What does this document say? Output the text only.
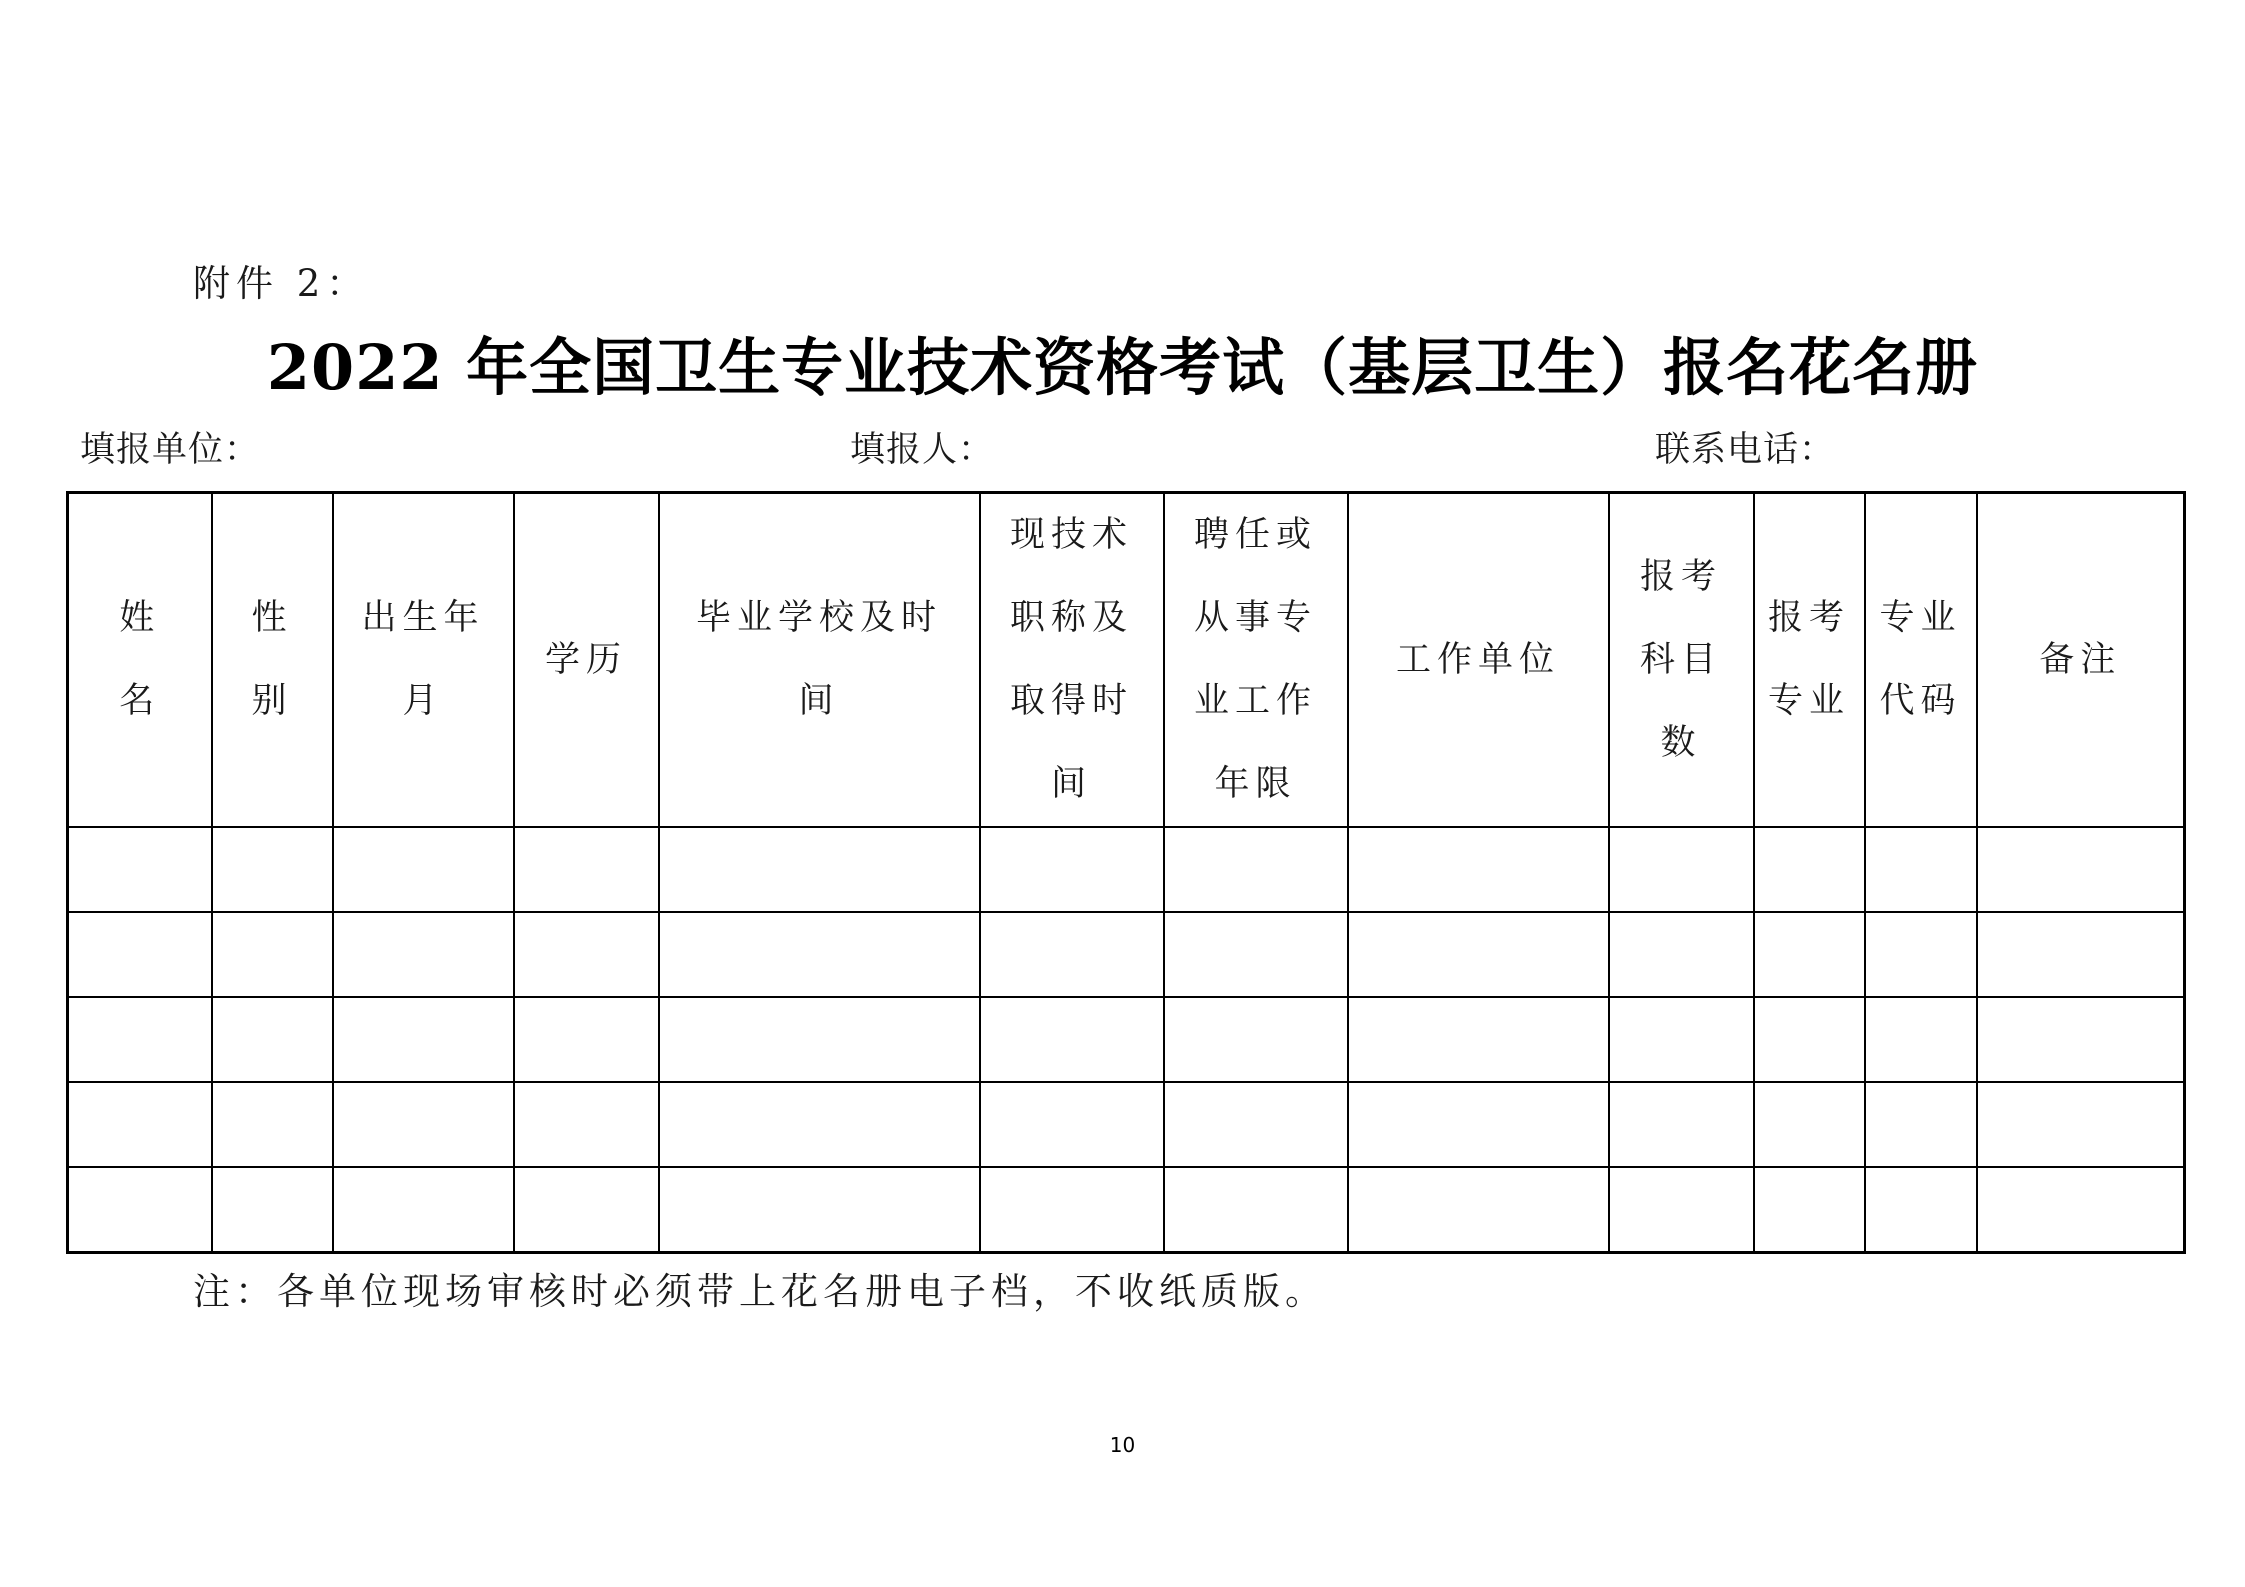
附件 2：
2022 年全国卫生专业技术资格考试（基层卫生）报名花名册
填报单位：	填报人：	联系电话：
姓名	性别	出生年月	学历	毕业学校及时间	现技术职称及取得时间	聘任或从事专业工作年限	工作单位	报考科目数	报考专业	专业代码	备注

注：各单位现场审核时必须带上花名册电子档，不收纸质版。
10
